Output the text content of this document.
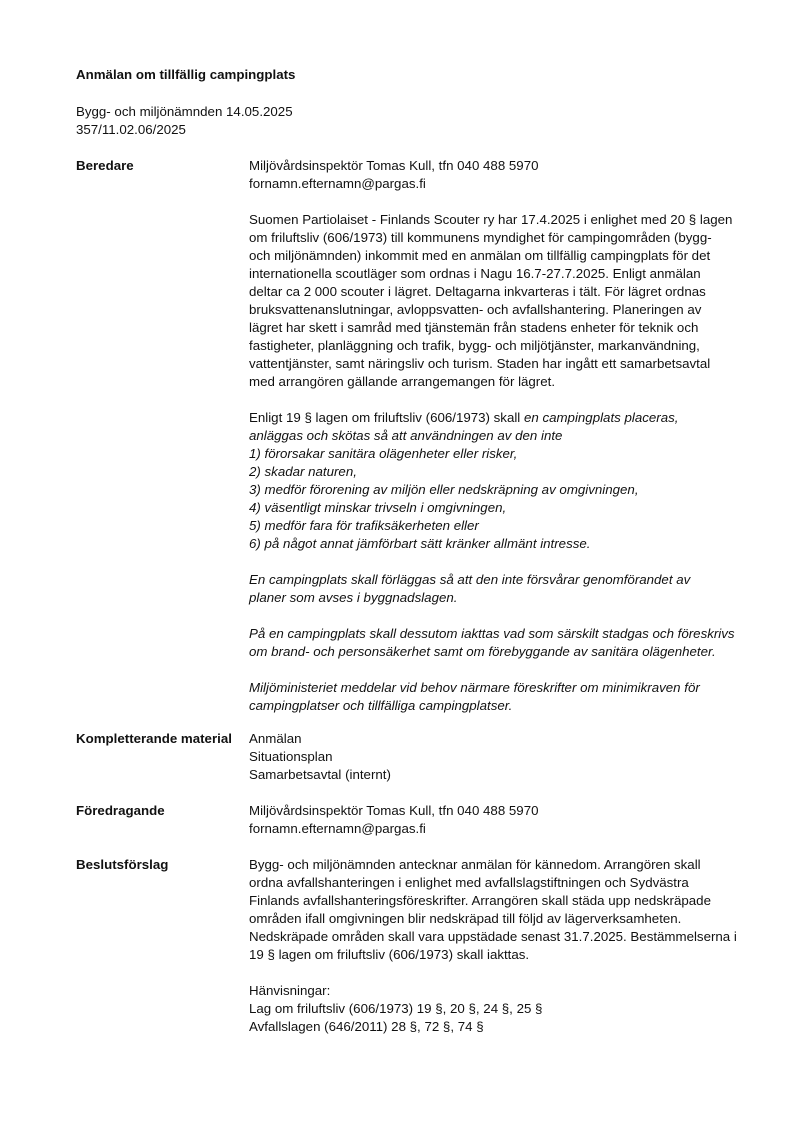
Anmälan om tillfällig campingplats
Bygg- och miljönämnden 14.05.2025
357/11.02.06/2025
Beredare	Miljövårdsinspektör Tomas Kull, tfn 040 488 5970

fornamn.efternamn@pargas.fi

Suomen Partiolaiset - Finlands Scouter ry har 17.4.2025 i enlighet med 20 § lagen

om friluftsliv (606/1973) till kommunens myndighet för campingområden (bygg-

och miljönämnden) inkommit med en anmälan om tillfällig campingplats för det

internationella scoutläger som ordnas i Nagu 16.7-27.7.2025. Enligt anmälan

deltar ca 2 000 scouter i lägret. Deltagarna inkvarteras i tält. För lägret ordnas

bruksvattenanslutningar, avloppsvatten- och avfallshantering. Planeringen av

lägret har skett i samråd med tjänstemän från stadens enheter för teknik och

fastigheter, planläggning och trafik, bygg- och miljötjänster, markanvändning,

vattentjänster, samt näringsliv och turism. Staden har ingått ett samarbetsavtal

med arrangören gällande arrangemangen för lägret.

Enligt 19 § lagen om friluftsliv (606/1973) skall en campingplats placeras,

anläggas och skötas så att användningen av den inte

1) förorsakar sanitära olägenheter eller risker,

2) skadar naturen,

3) medför förorening av miljön eller nedskräpning av omgivningen,

4) väsentligt minskar trivseln i omgivningen,

5) medför fara för trafiksäkerheten eller

6) på något annat jämförbart sätt kränker allmänt intresse.

En campingplats skall förläggas så att den inte försvårar genomförandet av

planer som avses i byggnadslagen.

På en campingplats skall dessutom iakttas vad som särskilt stadgas och föreskrivs

om brand- och personsäkerhet samt om förebyggande av sanitära olägenheter.

Miljöministeriet meddelar vid behov närmare föreskrifter om minimikraven för

campingplatser och tillfälliga campingplatser.

Kompletterande material	Anmälan

Situationsplan

Samarbetsavtal (internt)

Föredragande	Miljövårdsinspektör Tomas Kull, tfn 040 488 5970

fornamn.efternamn@pargas.fi

Beslutsförslag	Bygg- och miljönämnden antecknar anmälan för kännedom. Arrangören skall

ordna avfallshanteringen i enlighet med avfallslagstiftningen och Sydvästra

Finlands avfallshanteringsföreskrifter. Arrangören skall städa upp nedskräpade

områden ifall omgivningen blir nedskräpad till följd av lägerverksamheten.

Nedskräpade områden skall vara uppstädade senast 31.7.2025. Bestämmelserna i

19 § lagen om friluftsliv (606/1973) skall iakttas.

Hänvisningar:

Lag om friluftsliv (606/1973) 19 §, 20 §, 24 §, 25 §

Avfallslagen (646/2011) 28 §, 72 §, 74 §
